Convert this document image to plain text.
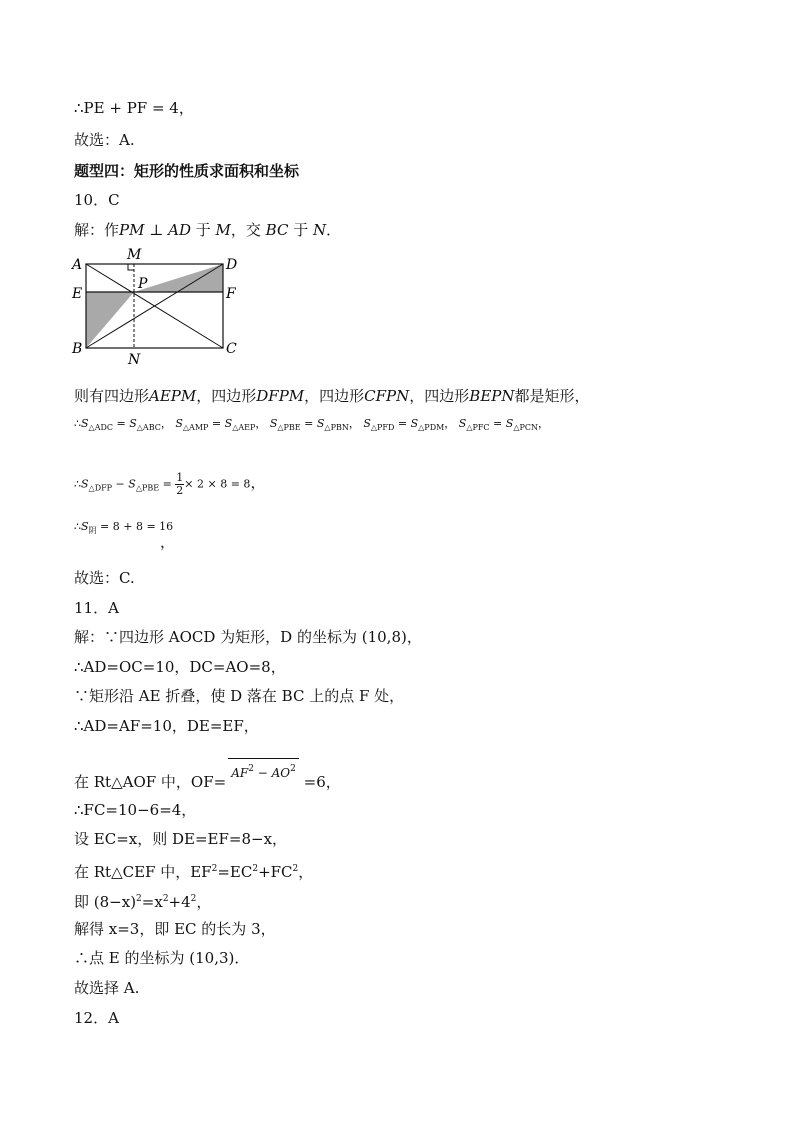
∴PE + PF = 4，
故选：A.
题型四：矩形的性质求面积和坐标
10．C
解：作PM ⊥ AD 于 M，交 BC 于 N．
A
M
D
E
P
F
B
N
C
则有四边形AEPM，四边形DFPM，四边形CFPN，四边形BEPN都是矩形，
$\therefore S_{\triangle ADC} = S_{\triangle ABC}$， $S_{\triangle AMP} = S_{\triangle AEP}$， $S_{\triangle PBE} = S_{\triangle PBN}$， $S_{\triangle PFD} = S_{\triangle PDM}$， $S_{\triangle PFC} = S_{\triangle PCN}$，
$\therefore S_{\triangle DFP} - S_{\triangle PBE} = \frac{1}{2} \times 2 \times 8 = 8$，
$\therefore S_阴 = 8 + 8 = 16$
，
故选：C.
11．A
解：∵四边形 AOCD 为矩形，D 的坐标为 (10,8)，
∴AD=OC=10，DC=AO=8，
∵矩形沿 AE 折叠，使 D 落在 BC 上的点 F 处，
∴AD=AF=10，DE=EF，
在 Rt△AOF 中，$OF= AF^2 - AO^2 =6$，
∴FC=10−6=4，
设 EC=x，则 DE=EF=8−x，
在 Rt△CEF 中，$EF^2=EC^2+FC^2$，
即 $(8-x)^2=x^2+4^2$，
解得 x=3，即 EC 的长为 3，
∴点 E 的坐标为 (10,3)．
故选择 A.
12．A
